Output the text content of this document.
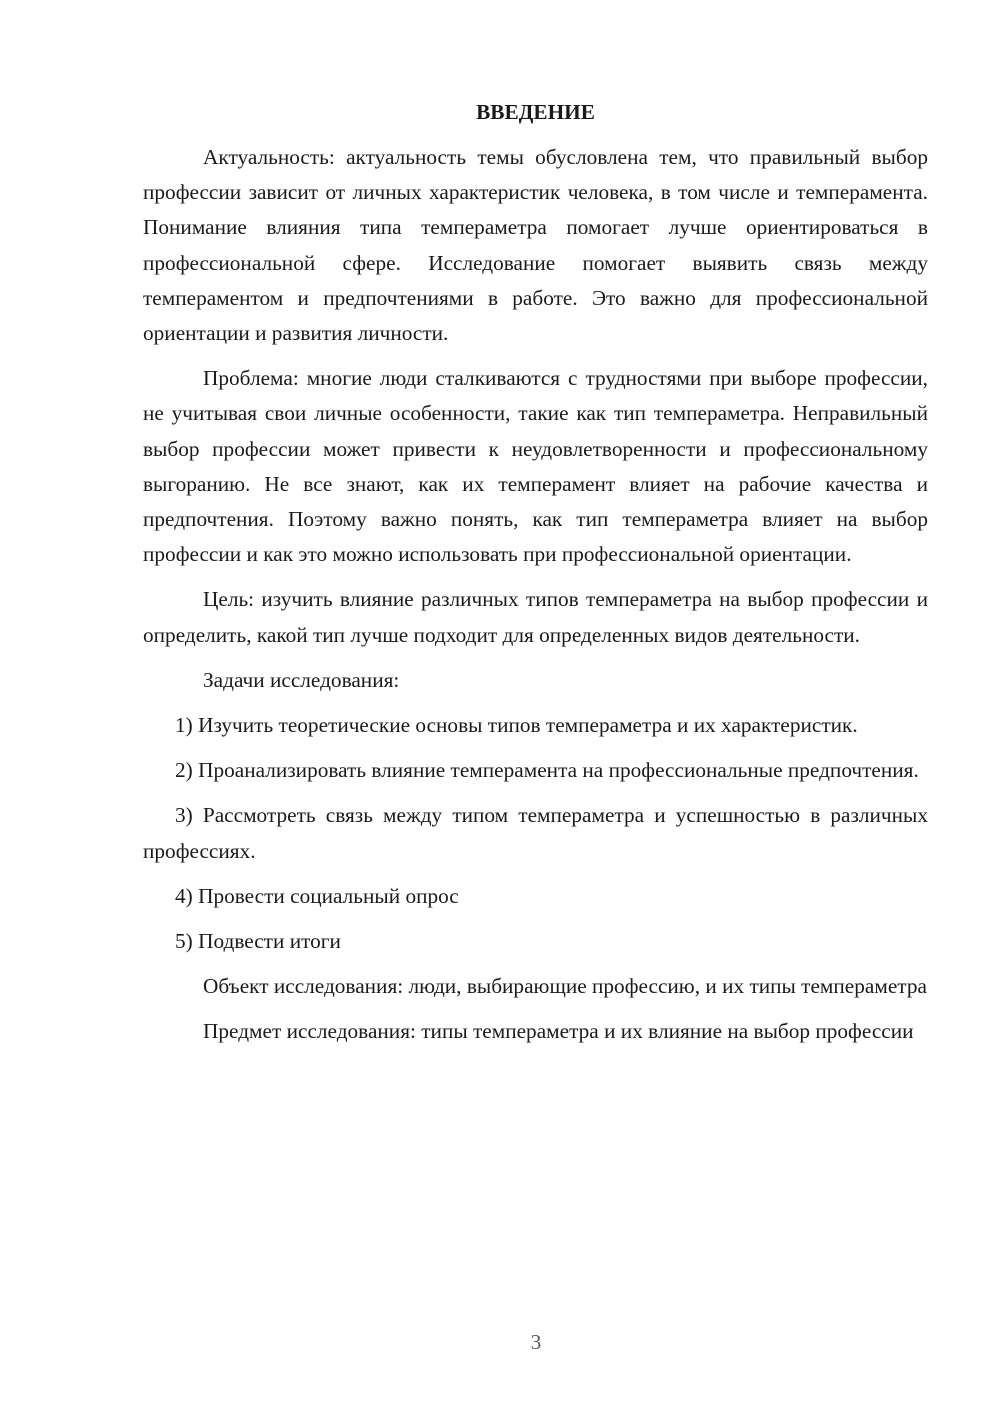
ВВЕДЕНИЕ

Актуальность: актуальность темы обусловлена тем, что правильный выбор профессии зависит от личных характеристик человека, в том числе и темперамента. Понимание влияния типа темпераметра помогает лучше ориентироваться в профессиональной сфере. Исследование помогает выявить связь между темпераментом и предпочтениями в работе. Это важно для профессиональной ориентации и развития личности.

Проблема: многие люди сталкиваются с трудностями при выборе профессии, не учитывая свои личные особенности, такие как тип темпераметра. Неправильный выбор профессии может привести к неудовлетворенности и профессиональному выгоранию. Не все знают, как их темперамент влияет на рабочие качества и предпочтения. Поэтому важно понять, как тип темпераметра влияет на выбор профессии и как это можно использовать при профессиональной ориентации.

Цель: изучить влияние различных типов темпераметра на выбор профессии и определить, какой тип лучше подходит для определенных видов деятельности.

Задачи исследования:

1) Изучить теоретические основы типов темпераметра и их характеристик.

2) Проанализировать влияние темперамента на профессиональные предпочтения.

3) Рассмотреть связь между типом темпераметра и успешностью в различных профессиях.

4) Провести социальный опрос

5) Подвести итоги

Объект исследования: люди, выбирающие профессию, и их типы темпераметра

Предмет исследования: типы темпераметра и их влияние на выбор профессии

3
